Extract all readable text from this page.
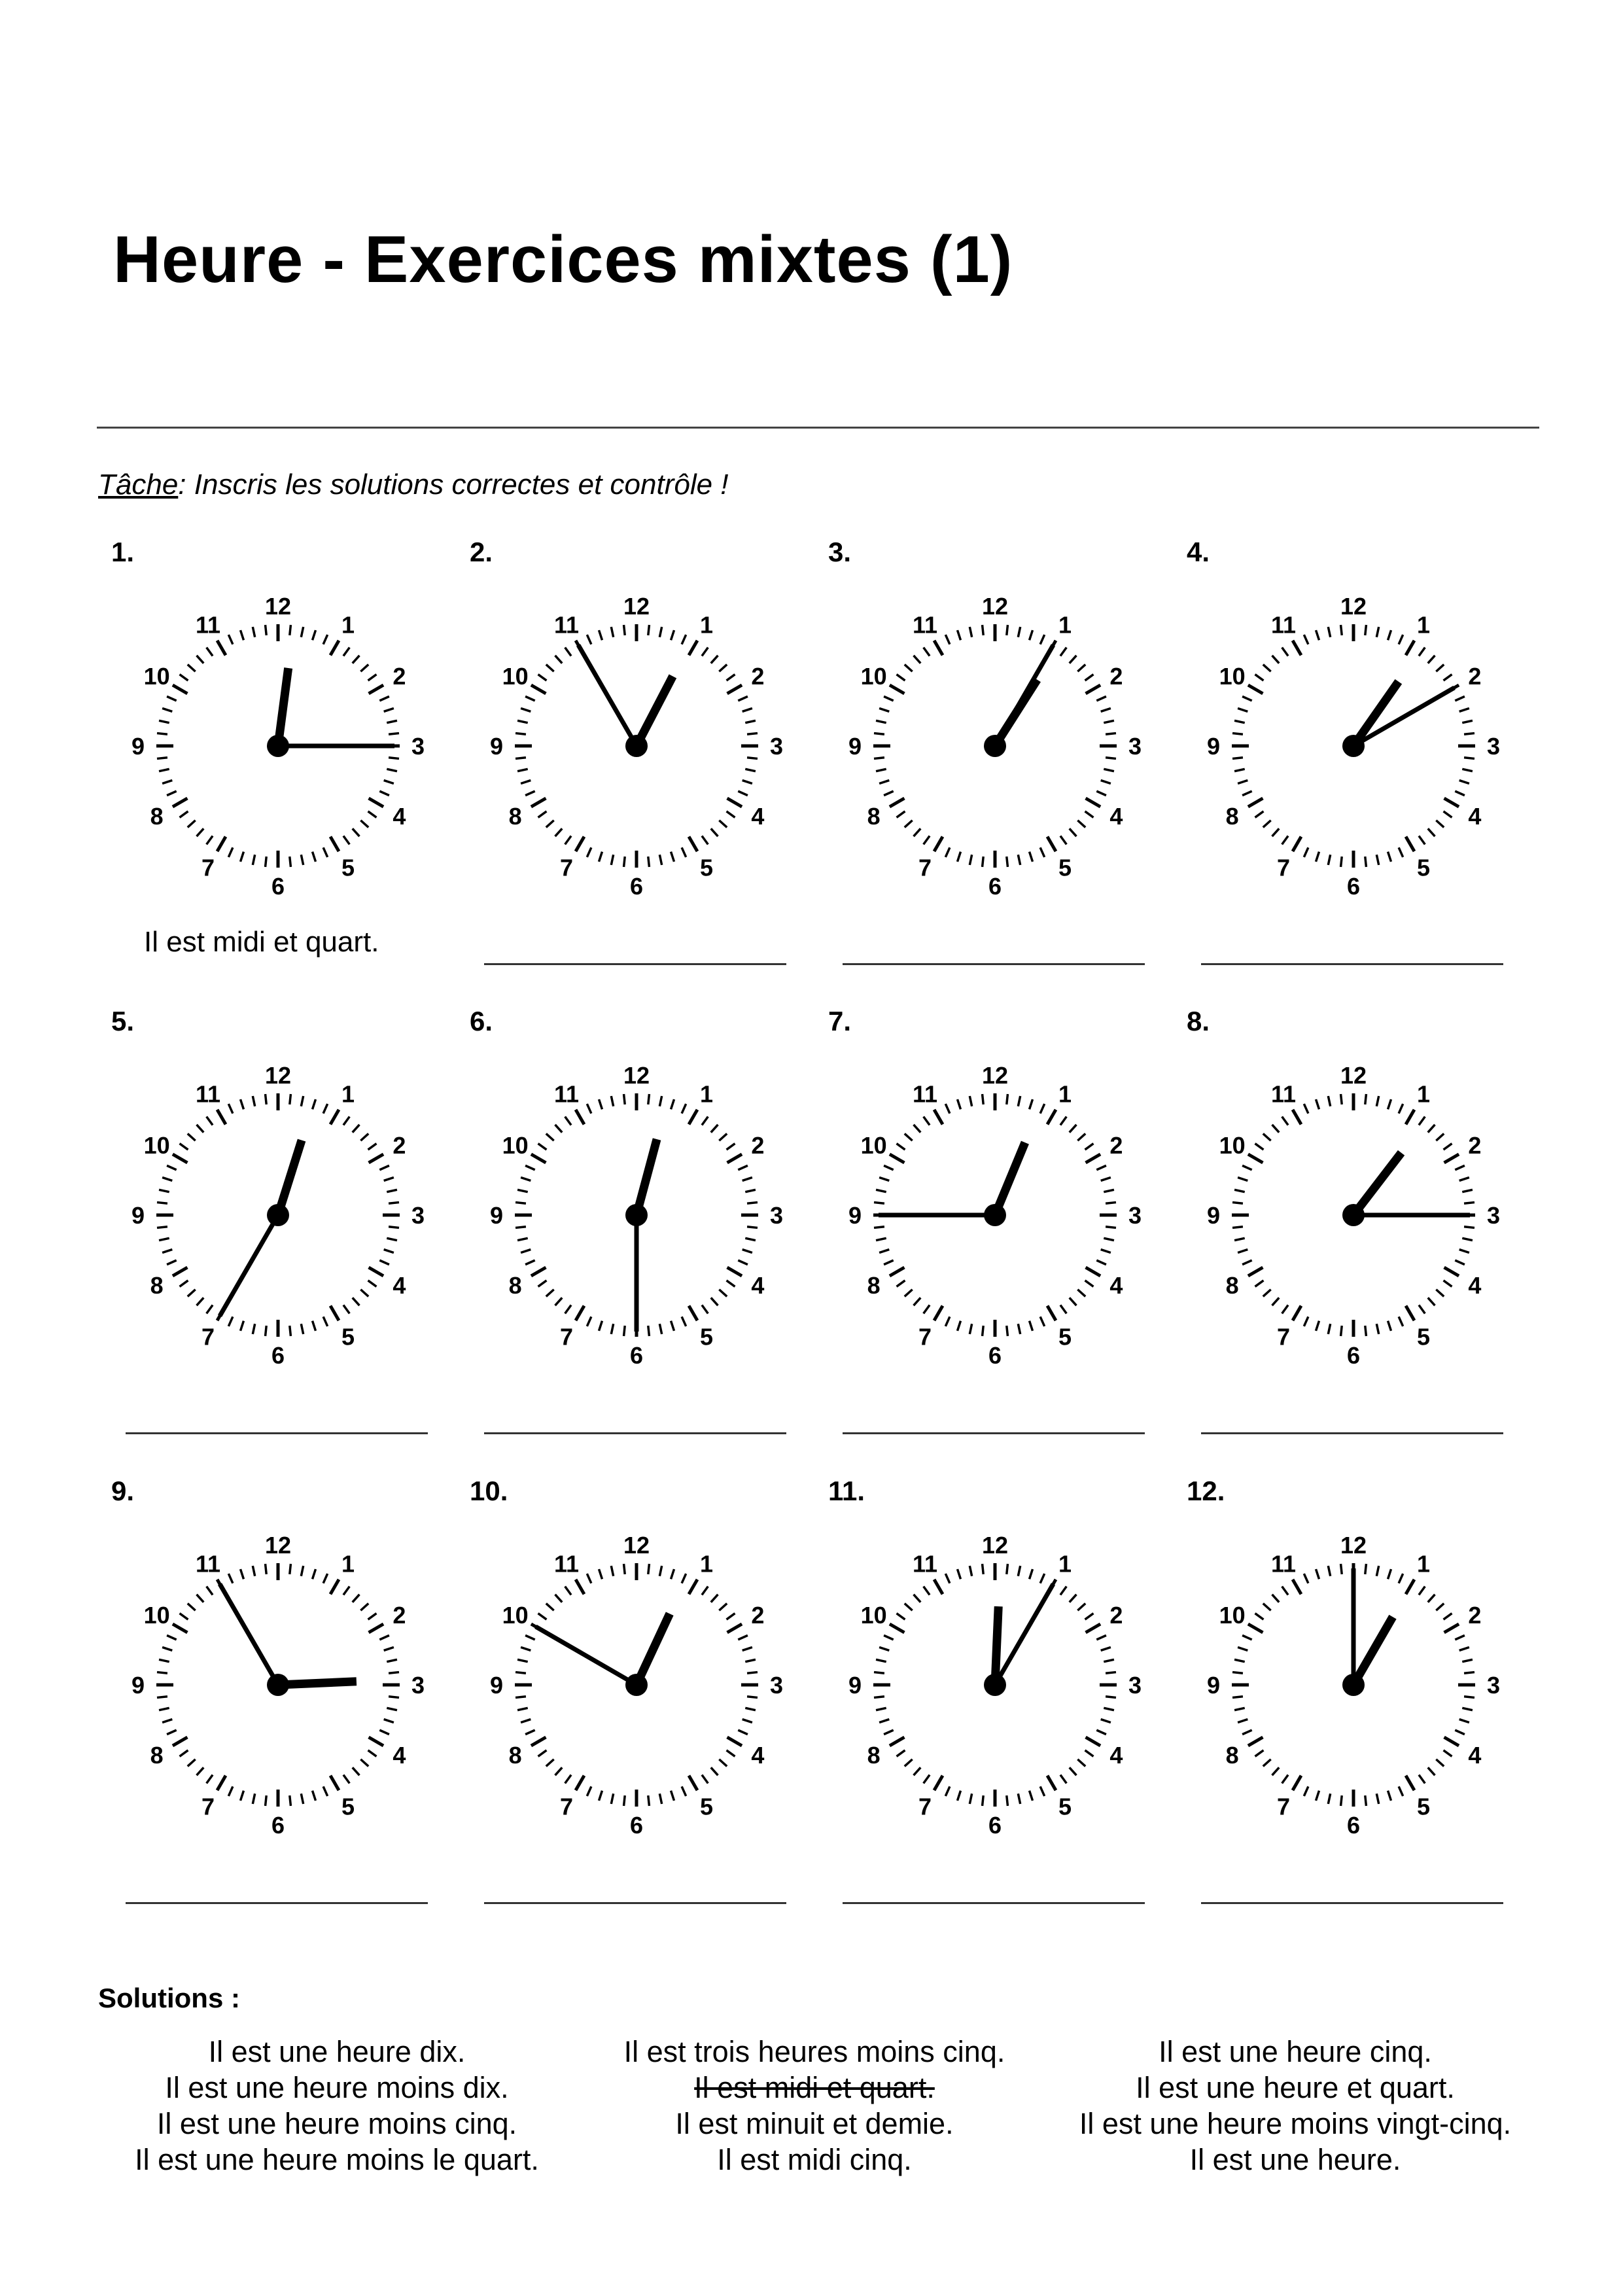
Heure - Exercices mixtes (1)
Tâche: Inscris les solutions correctes et contrôle !
1.
12
1
2
3
4
5
6
7
8
9
10
11
Il est midi et quart.
2.
12
1
2
3
4
5
6
7
8
9
10
11
3.
12
1
2
3
4
5
6
7
8
9
10
11
4.
12
1
2
3
4
5
6
7
8
9
10
11
5.
12
1
2
3
4
5
6
7
8
9
10
11
6.
12
1
2
3
4
5
6
7
8
9
10
11
7.
12
1
2
3
4
5
6
7
8
9
10
11
8.
12
1
2
3
4
5
6
7
8
9
10
11
9.
12
1
2
3
4
5
6
7
8
9
10
11
10.
12
1
2
3
4
5
6
7
8
9
10
11
11.
12
1
2
3
4
5
6
7
8
9
10
11
12.
12
1
2
3
4
5
6
7
8
9
10
11
Solutions :
Il est une heure dix.
Il est une heure moins dix.
Il est une heure moins cinq.
Il est une heure moins le quart.
Il est trois heures moins cinq.
Il est midi et quart.
Il est minuit et demie.
Il est midi cinq.
Il est une heure cinq.
Il est une heure et quart.
Il est une heure moins vingt-cinq.
Il est une heure.
